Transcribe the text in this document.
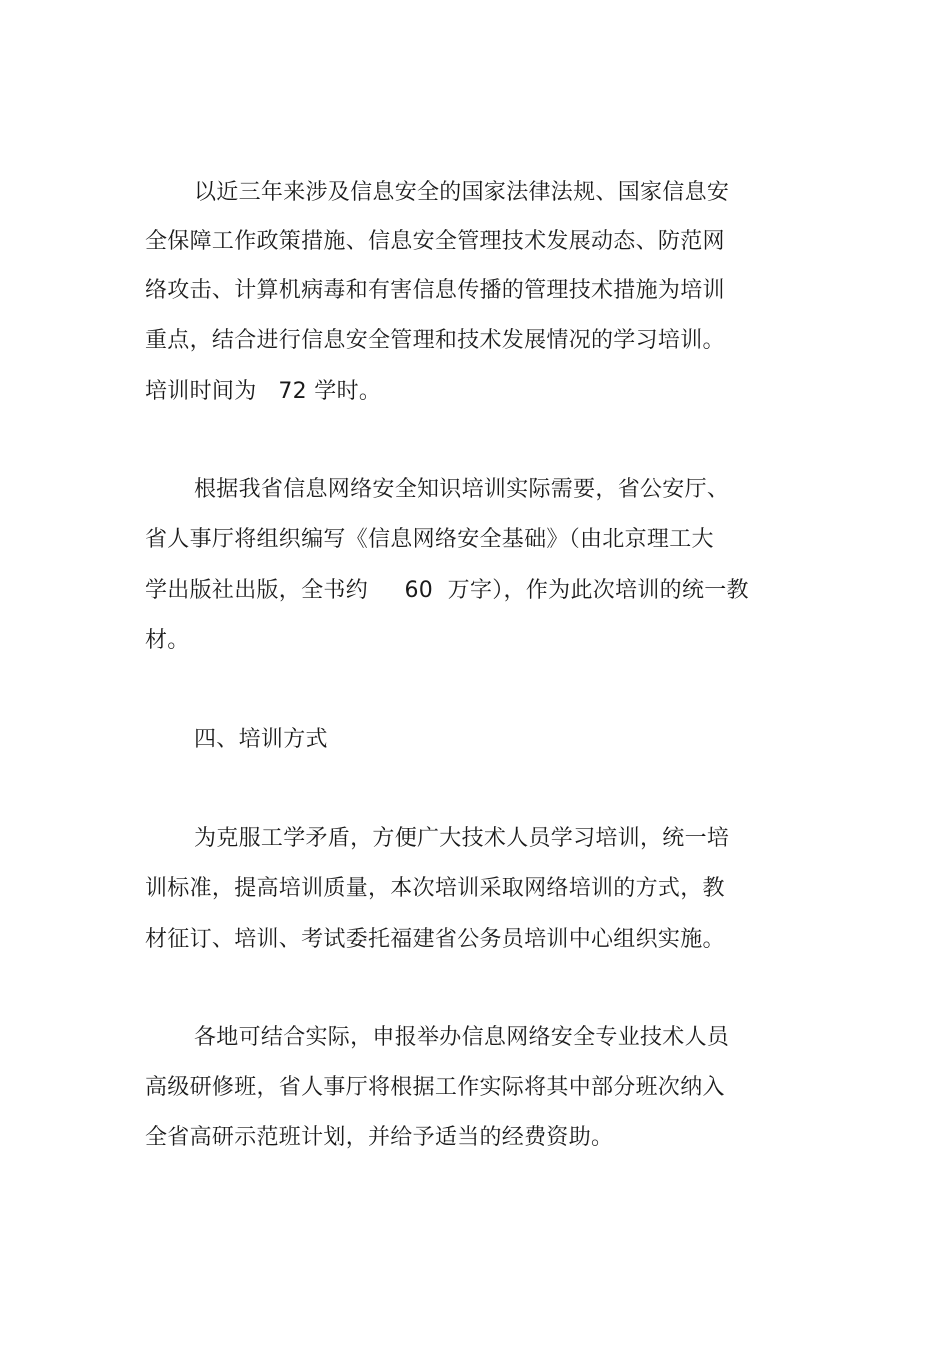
以近三年来涉及信息安全的国家法律法规、国家信息安
全保障工作政策措施、信息安全管理技术发展动态、防范网
络攻击、计算机病毒和有害信息传播的管理技术措施为培训
重点，结合进行信息安全管理和技术发展情况的学习培训。
培训时间为   72 学时。
根据我省信息网络安全知识培训实际需要，省公安厅、
省人事厅将组织编写《信息网络安全基础》（由北京理工大
学出版社出版，全书约     60  万字），作为此次培训的统一教
材。
四、培训方式
为克服工学矛盾，方便广大技术人员学习培训，统一培
训标准，提高培训质量，本次培训采取网络培训的方式，教
材征订、培训、考试委托福建省公务员培训中心组织实施。
各地可结合实际，申报举办信息网络安全专业技术人员
高级研修班，省人事厅将根据工作实际将其中部分班次纳入
全省高研示范班计划，并给予适当的经费资助。
